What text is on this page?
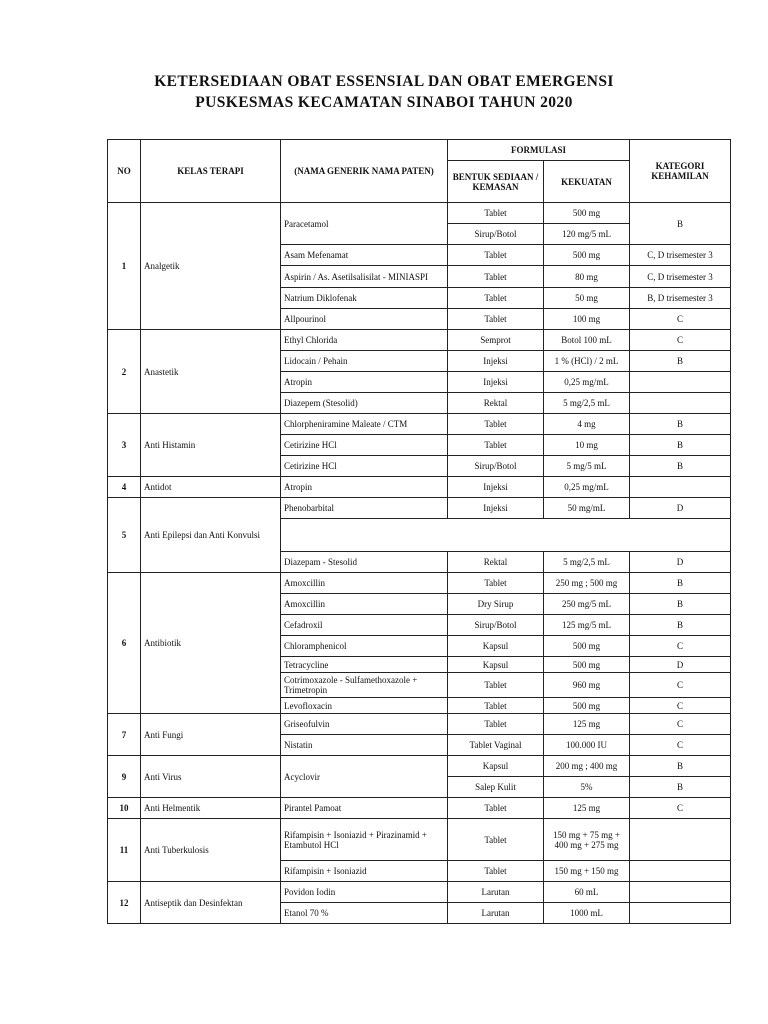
KETERSEDIAAN OBAT ESSENSIAL DAN OBAT EMERGENSI
PUSKESMAS KECAMATAN SINABOI TAHUN 2020
NO	KELAS TERAPI	(NAMA GENERIK NAMA PATEN)	FORMULASI		KATEGORI KEHAMILAN
			BENTUK SEDIAAN / KEMASAN	KEKUATAN	
1	Analgetik	Paracetamol	Tablet	500 mg	B
			Sirup/Botol	120 mg/5 mL	
		Asam Mefenamat	Tablet	500 mg	C, D trisemester 3
		Aspirin / As. Asetilsalisilat - MINIASPI	Tablet	80 mg	C, D trisemester 3
		Natrium Diklofenak	Tablet	50 mg	B, D trisemester 3
		Allpourinol	Tablet	100 mg	C
2	Anastetik	Ethyl Chlorida	Semprot	Botol 100 mL	C
		Lidocain / Pehain	Injeksi	1 % (HCl) / 2 mL	B
		Atropin	Injeksi	0,25 mg/mL	
		Diazepem (Stesolid)	Rektal	5 mg/2,5 mL	
3	Anti Histamin	Chlorpheniramine Maleate / CTM	Tablet	4 mg	B
		Cetirizine HCl	Tablet	10 mg	B
		Cetirizine HCl	Sirup/Botol	5 mg/5 mL	B
4	Antidot	Atropin	Injeksi	0,25 mg/mL	
5	Anti Epilepsi dan Anti Konvulsi	Phenobarbital	Injeksi	50 mg/mL	D

		Diazepam - Stesolid	Rektal	5 mg/2,5 mL	D
6	Antibiotik	Amoxcillin	Tablet	250 mg ; 500 mg	B
		Amoxcillin	Dry Sirup	250 mg/5 mL	B
		Cefadroxil	Sirup/Botol	125 mg/5 mL	B
		Chloramphenicol	Kapsul	500 mg	C
		Tetracycline	Kapsul	500 mg	D
		Cotrimoxazole - Sulfamethoxazole + Trimetropin	Tablet	960 mg	C
		Levofloxacin	Tablet	500 mg	C
7	Anti Fungi	Griseofulvin	Tablet	125 mg	C
		Nistatin	Tablet Vaginal	100.000 IU	C
9	Anti Virus	Acyclovir	Kapsul	200 mg ; 400 mg	B
			Salep Kulit	5%	B
10	Anti Helmentik	Pirantel Pamoat	Tablet	125 mg	C
11	Anti Tuberkulosis	Rifampisin + Isoniazid + Pirazinamid + Etambutol HCl	Tablet	150 mg + 75 mg + 400 mg + 275 mg	
		Rifampisin + Isoniazid	Tablet	150 mg + 150 mg	
12	Antiseptik dan Desinfektan	Povidon Iodin	Larutan	60 mL	
		Etanol 70 %	Larutan	1000 mL	
